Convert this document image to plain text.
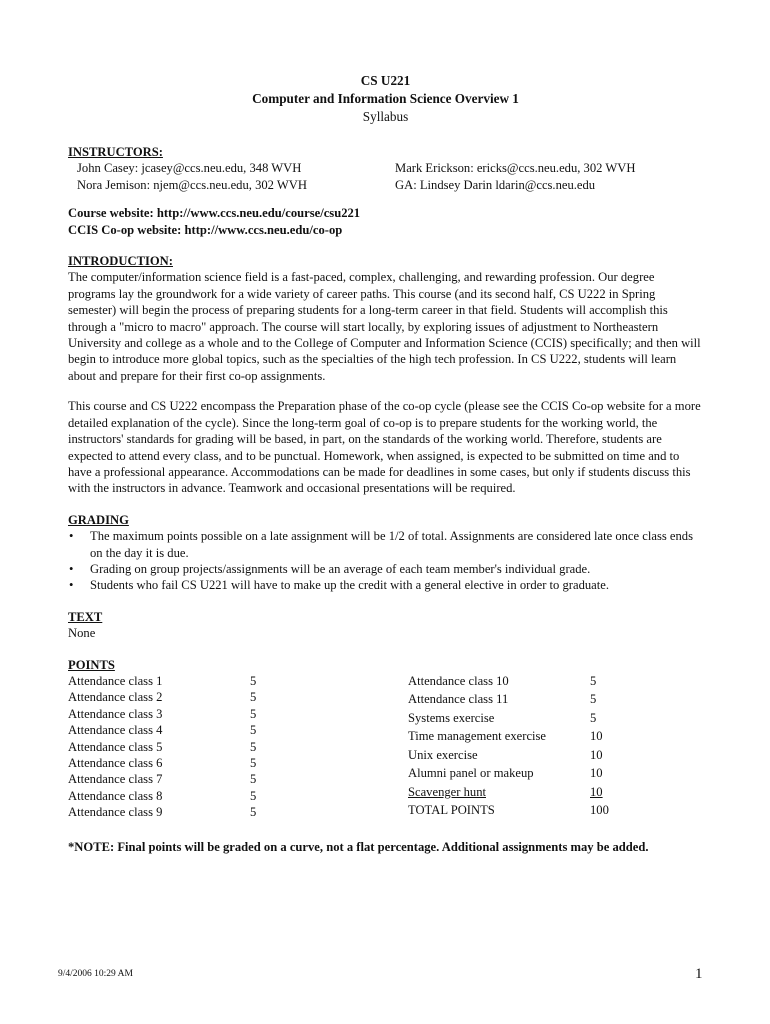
CS U221
Computer and Information Science Overview 1
Syllabus
INSTRUCTORS:
John Casey: jcasey@ccs.neu.edu, 348 WVH	Mark Erickson: ericks@ccs.neu.edu, 302 WVH
Nora Jemison: njem@ccs.neu.edu, 302 WVH	GA: Lindsey Darin ldarin@ccs.neu.edu
Course website: http://www.ccs.neu.edu/course/csu221
CCIS Co-op website: http://www.ccs.neu.edu/co-op
INTRODUCTION:

The computer/information science field is a fast-paced, complex, challenging, and rewarding profession. Our degree programs lay the groundwork for a wide variety of career paths. This course (and its second half, CS U222 in Spring semester) will begin the process of preparing students for a long-term career in that field. Students will accomplish this through a "micro to macro" approach. The course will start locally, by exploring issues of adjustment to Northeastern University and college as a whole and to the College of Computer and Information Science (CCIS) specifically; and then will begin to introduce more global topics, such as the specialties of the high tech profession. In CS U222, students will learn about and prepare for their first co-op assignments.

This course and CS U222 encompass the Preparation phase of the co-op cycle (please see the CCIS Co-op website for a more detailed explanation of the cycle). Since the long-term goal of co-op is to prepare students for the working world, the instructors' standards for grading will be based, in part, on the standards of the working world. Therefore, students are expected to attend every class, and to be punctual. Homework, when assigned, is expected to be submitted on time and to have a professional appearance. Accommodations can be made for deadlines in some cases, but only if students discuss this with the instructors in advance. Teamwork and occasional presentations will be required.

GRADING
• The maximum points possible on a late assignment will be 1/2 of total. Assignments are considered late once class ends on the day it is due.
• Grading on group projects/assignments will be an average of each team member's individual grade.
• Students who fail CS U221 will have to make up the credit with a general elective in order to graduate.
TEXT
None
POINTS
Attendance class 1	5
Attendance class 2	5
Attendance class 3	5
Attendance class 4	5
Attendance class 5	5
Attendance class 6	5
Attendance class 7	5
Attendance class 8	5
Attendance class 9	5
Attendance class 10	5
Attendance class 11	5
Systems exercise	5
Time management exercise	10
Unix exercise	10
Alumni panel or makeup	10
Scavenger hunt	10
TOTAL POINTS	100
*NOTE: Final points will be graded on a curve, not a flat percentage. Additional assignments may be added.
9/4/2006 10:29 AM	1
